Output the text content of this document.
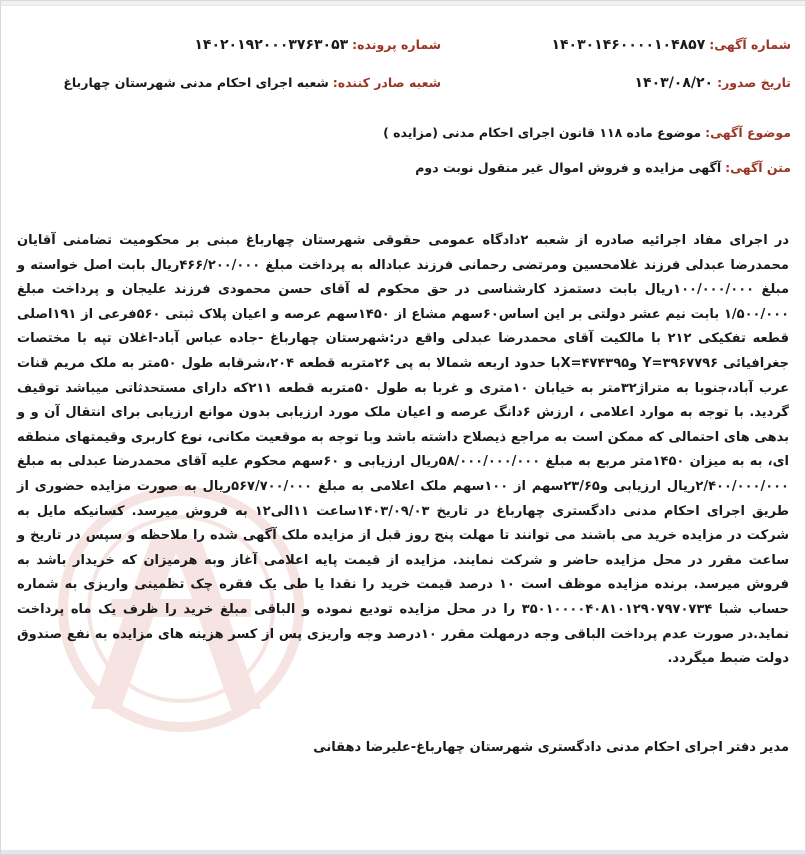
شماره آگهی: ۱۴۰۳۰۱۴۶۰۰۰۰۱۰۴۸۵۷
شماره پرونده: ۱۴۰۲۰۱۹۲۰۰۰۳۷۶۳۰۵۳
تاریخ صدور: ۱۴۰۳/۰۸/۲۰
شعبه صادر کننده: شعبه اجرای احکام مدنی شهرستان چهارباغ
موضوع آگهی: موضوع ماده ۱۱۸ قانون اجرای احکام مدنی (مزایده )
متن آگهی: آگهی مزایده و فروش اموال غیر منقول نوبت دوم

در اجرای مفاد اجرائیه صادره از شعبه ۲دادگاه عمومی حقوقی شهرستان چهارباغ مبنی بر محکومیت تضامنی آقایان محمدرضا عبدلی فرزند غلامحسین ومرتضی رحمانی فرزند عباداله به پرداخت مبلغ ۴۶۶/۲۰۰/۰۰۰ریال بابت اصل خواسته و مبلغ ۱۰۰/۰۰۰/۰۰۰ریال بابت دستمزد کارشناسی در حق محکوم له آقای حسن محمودی فرزند علیجان و پرداخت مبلغ ۱/۵۰۰/۰۰۰ بابت نیم عشر دولتی بر این اساس۶۰سهم مشاع از ۱۴۵۰سهم عرصه و اعیان پلاک ثبتی ۵۶۰فرعی از ۱۹۱اصلی قطعه تفکیکی ۲۱۲ با مالکیت آقای محمدرضا عبدلی واقع در:شهرستان چهارباغ -جاده عباس آباد-اغلان تپه با مختصات جغرافیائی ۳۹۶۷۷۹۶=Y و۴۷۴۳۹۵=Xبا حدود اربعه شمالا به پی ۲۶متربه قطعه ۲۰۴،شرقابه طول ۵۰متر به ملک مریم قنات عرب آباد،جنوبا به متراژ۳۲متر به خیابان ۱۰متری و غربا به طول ۵۰متربه قطعه ۲۱۱که دارای مستحدثاتی میباشد توقیف گردید. با توجه به موارد اعلامی ، ارزش ۶دانگ عرصه و اعیان ملک مورد ارزیابی بدون موانع ارزیابی برای انتقال آن و و بدهی های احتمالی که ممکن است به مراجع ذیصلاح داشته باشد وبا توجه به موقعیت مکانی، نوع کاربری وقیمتهای منطقه ای، به به میزان ۱۴۵۰متر مربع به مبلغ ۵۸/۰۰۰/۰۰۰/۰۰۰ریال ارزیابی و ۶۰سهم محکوم علیه آقای محمدرضا عبدلی به مبلغ ۲/۴۰۰/۰۰۰/۰۰۰ریال ارزیابی و۲۳/۶۵سهم از ۱۰۰سهم ملک اعلامی به مبلغ ۵۶۷/۷۰۰/۰۰۰ریال به صورت مزایده حضوری از طریق اجرای احکام مدنی دادگستری چهارباغ در تاریخ ۱۴۰۳/۰۹/۰۳ساعت ۱۱الی۱۲ به فروش میرسد. کسانیکه مایل به شرکت در مزایده خرید می باشند می توانند تا مهلت پنج روز قبل از مزایده ملک آگهی شده را ملاحظه و سپس در تاریخ و ساعت مقرر در محل مزایده حاضر و شرکت نمایند. مزایده از قیمت پایه اعلامی آغاز وبه هرمیزان که خریدار باشد به فروش میرسد. برنده مزایده موظف است ۱۰ درصد قیمت خرید را نقدا یا طی یک فقره چک تظمینی واریزی به شماره حساب شبا ۳۵۰۱۰۰۰۰۴۰۸۱۰۱۲۹۰۷۹۷۰۷۳۴ را در محل مزایده تودیع نموده و الباقی مبلغ خرید را ظرف یک ماه پرداخت نماید.در صورت عدم پرداخت الباقی وجه درمهلت مقرر ۱۰درصد وجه واریزی پس از کسر هزینه های مزایده به نفع صندوق دولت ضبط میگردد.

مدیر دفتر اجرای احکام مدنی دادگستری شهرستان چهارباغ-علیرضا دهقانی
